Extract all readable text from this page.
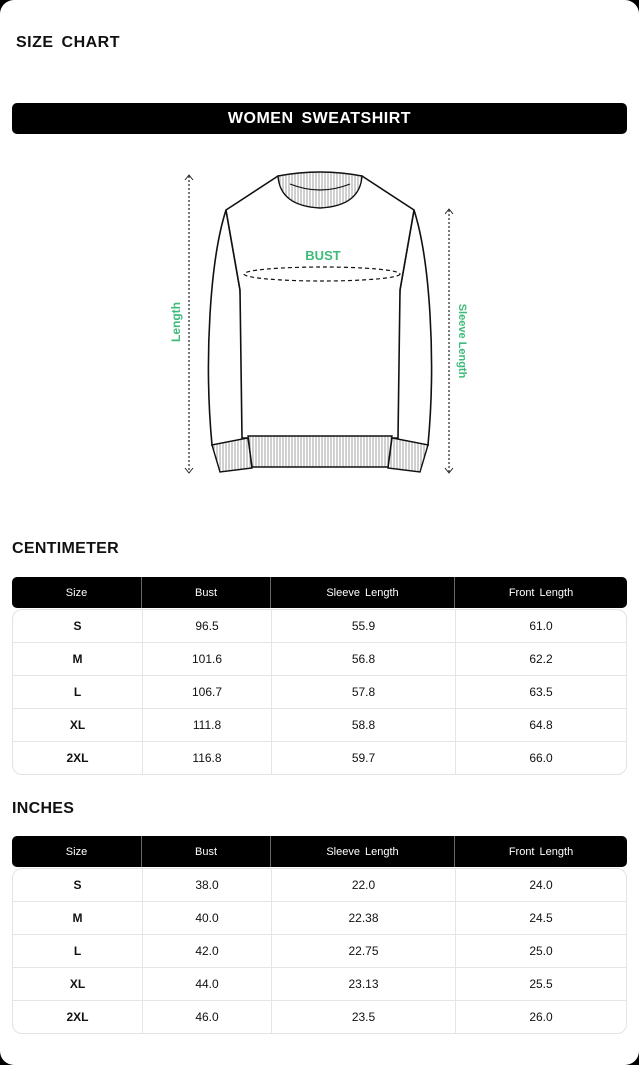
SIZE CHART
WOMEN SWEATSHIRT
BUST
Length	Sleeve Length
CENTIMETER
Size	Bust	Sleeve Length	Front Length
S	96.5	55.9	61.0
M	101.6	56.8	62.2
L	106.7	57.8	63.5
XL	111.8	58.8	64.8
2XL	116.8	59.7	66.0
INCHES
Size	Bust	Sleeve Length	Front Length
S	38.0	22.0	24.0
M	40.0	22.38	24.5
L	42.0	22.75	25.0
XL	44.0	23.13	25.5
2XL	46.0	23.5	26.0
